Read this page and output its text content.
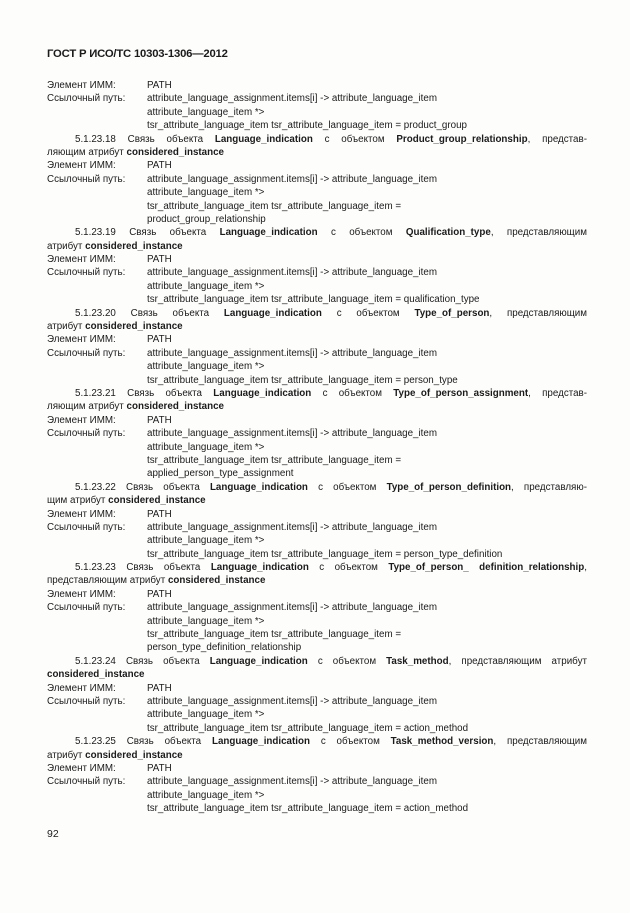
ГОСТ Р ИСО/ТС 10303-1306—2012
Элемент ИММ:	PATH
Ссылочный путь: attribute_language_assignment.items[i] -> attribute_language_item
attribute_language_item *>
tsr_attribute_language_item tsr_attribute_language_item = product_group
5.1.23.18 Связь объекта Language_indication с объектом Product_group_relationship, представ-
ляющим атрибут considered_instance
Элемент ИММ:	PATH
Ссылочный путь: attribute_language_assignment.items[i] -> attribute_language_item
attribute_language_item *>
tsr_attribute_language_item tsr_attribute_language_item =
product_group_relationship
5.1.23.19 Связь объекта Language_indication с объектом Qualification_type, представляющим
атрибут considered_instance
Элемент ИММ:	PATH
Ссылочный путь: attribute_language_assignment.items[i] -> attribute_language_item
attribute_language_item *>
tsr_attribute_language_item tsr_attribute_language_item = qualification_type
5.1.23.20 Связь объекта Language_indication с объектом Type_of_person, представляющим
атрибут considered_instance
Элемент ИММ:	PATH
Ссылочный путь: attribute_language_assignment.items[i] -> attribute_language_item
attribute_language_item *>
tsr_attribute_language_item tsr_attribute_language_item = person_type
5.1.23.21 Связь объекта Language_indication с объектом Type_of_person_assignment, представ-
ляющим атрибут considered_instance
Элемент ИММ:	PATH
Ссылочный путь: attribute_language_assignment.items[i] -> attribute_language_item
attribute_language_item *>
tsr_attribute_language_item tsr_attribute_language_item =
applied_person_type_assignment
5.1.23.22 Связь объекта Language_indication с объектом Type_of_person_definition, представляю-
щим атрибут considered_instance
Элемент ИММ:	PATH
Ссылочный путь: attribute_language_assignment.items[i] -> attribute_language_item
attribute_language_item *>
tsr_attribute_language_item tsr_attribute_language_item = person_type_definition
5.1.23.23 Связь объекта Language_indication с объектом Type_of_person_ definition_relationship,
представляющим атрибут considered_instance
Элемент ИММ:	PATH
Ссылочный путь: attribute_language_assignment.items[i] -> attribute_language_item
attribute_language_item *>
tsr_attribute_language_item tsr_attribute_language_item =
person_type_definition_relationship
5.1.23.24 Связь объекта Language_indication с объектом Task_method, представляющим атрибут
considered_instance
Элемент ИММ:	PATH
Ссылочный путь: attribute_language_assignment.items[i] -> attribute_language_item
attribute_language_item *>
tsr_attribute_language_item tsr_attribute_language_item = action_method
5.1.23.25 Связь объекта Language_indication с объектом Task_method_version, представляющим
атрибут considered_instance
Элемент ИММ:	PATH
Ссылочный путь: attribute_language_assignment.items[i] -> attribute_language_item
attribute_language_item *>
tsr_attribute_language_item tsr_attribute_language_item = action_method
92
